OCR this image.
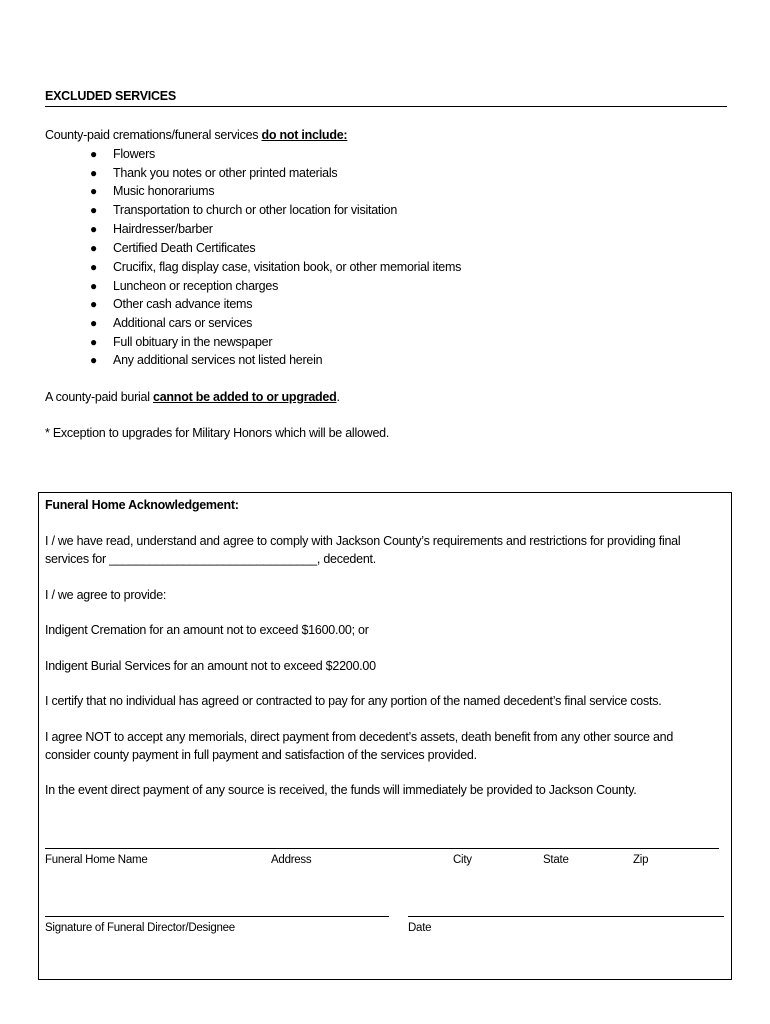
EXCLUDED SERVICES
County-paid cremations/funeral services do not include:
● Flowers
● Thank you notes or other printed materials
● Music honorariums
● Transportation to church or other location for visitation
● Hairdresser/barber
● Certified Death Certificates
● Crucifix, flag display case, visitation book, or other memorial items
● Luncheon or reception charges
● Other cash advance items
● Additional cars or services
● Full obituary in the newspaper
● Any additional services not listed herein
A county-paid burial cannot be added to or upgraded.
* Exception to upgrades for Military Honors which will be allowed.
Funeral Home Acknowledgement:
I / we have read, understand and agree to comply with Jackson County’s requirements and restrictions for providing final
services for _______________________________, decedent.
I / we agree to provide:
Indigent Cremation for an amount not to exceed $1600.00; or
Indigent Burial Services for an amount not to exceed $2200.00
I certify that no individual has agreed or contracted to pay for any portion of the named decedent’s final service costs.
I agree NOT to accept any memorials, direct payment from decedent’s assets, death benefit from any other source and
consider county payment in full payment and satisfaction of the services provided.
In the event direct payment of any source is received, the funds will immediately be provided to Jackson County.
Funeral Home Name	Address	City	State	Zip
Signature of Funeral Director/Designee	Date
